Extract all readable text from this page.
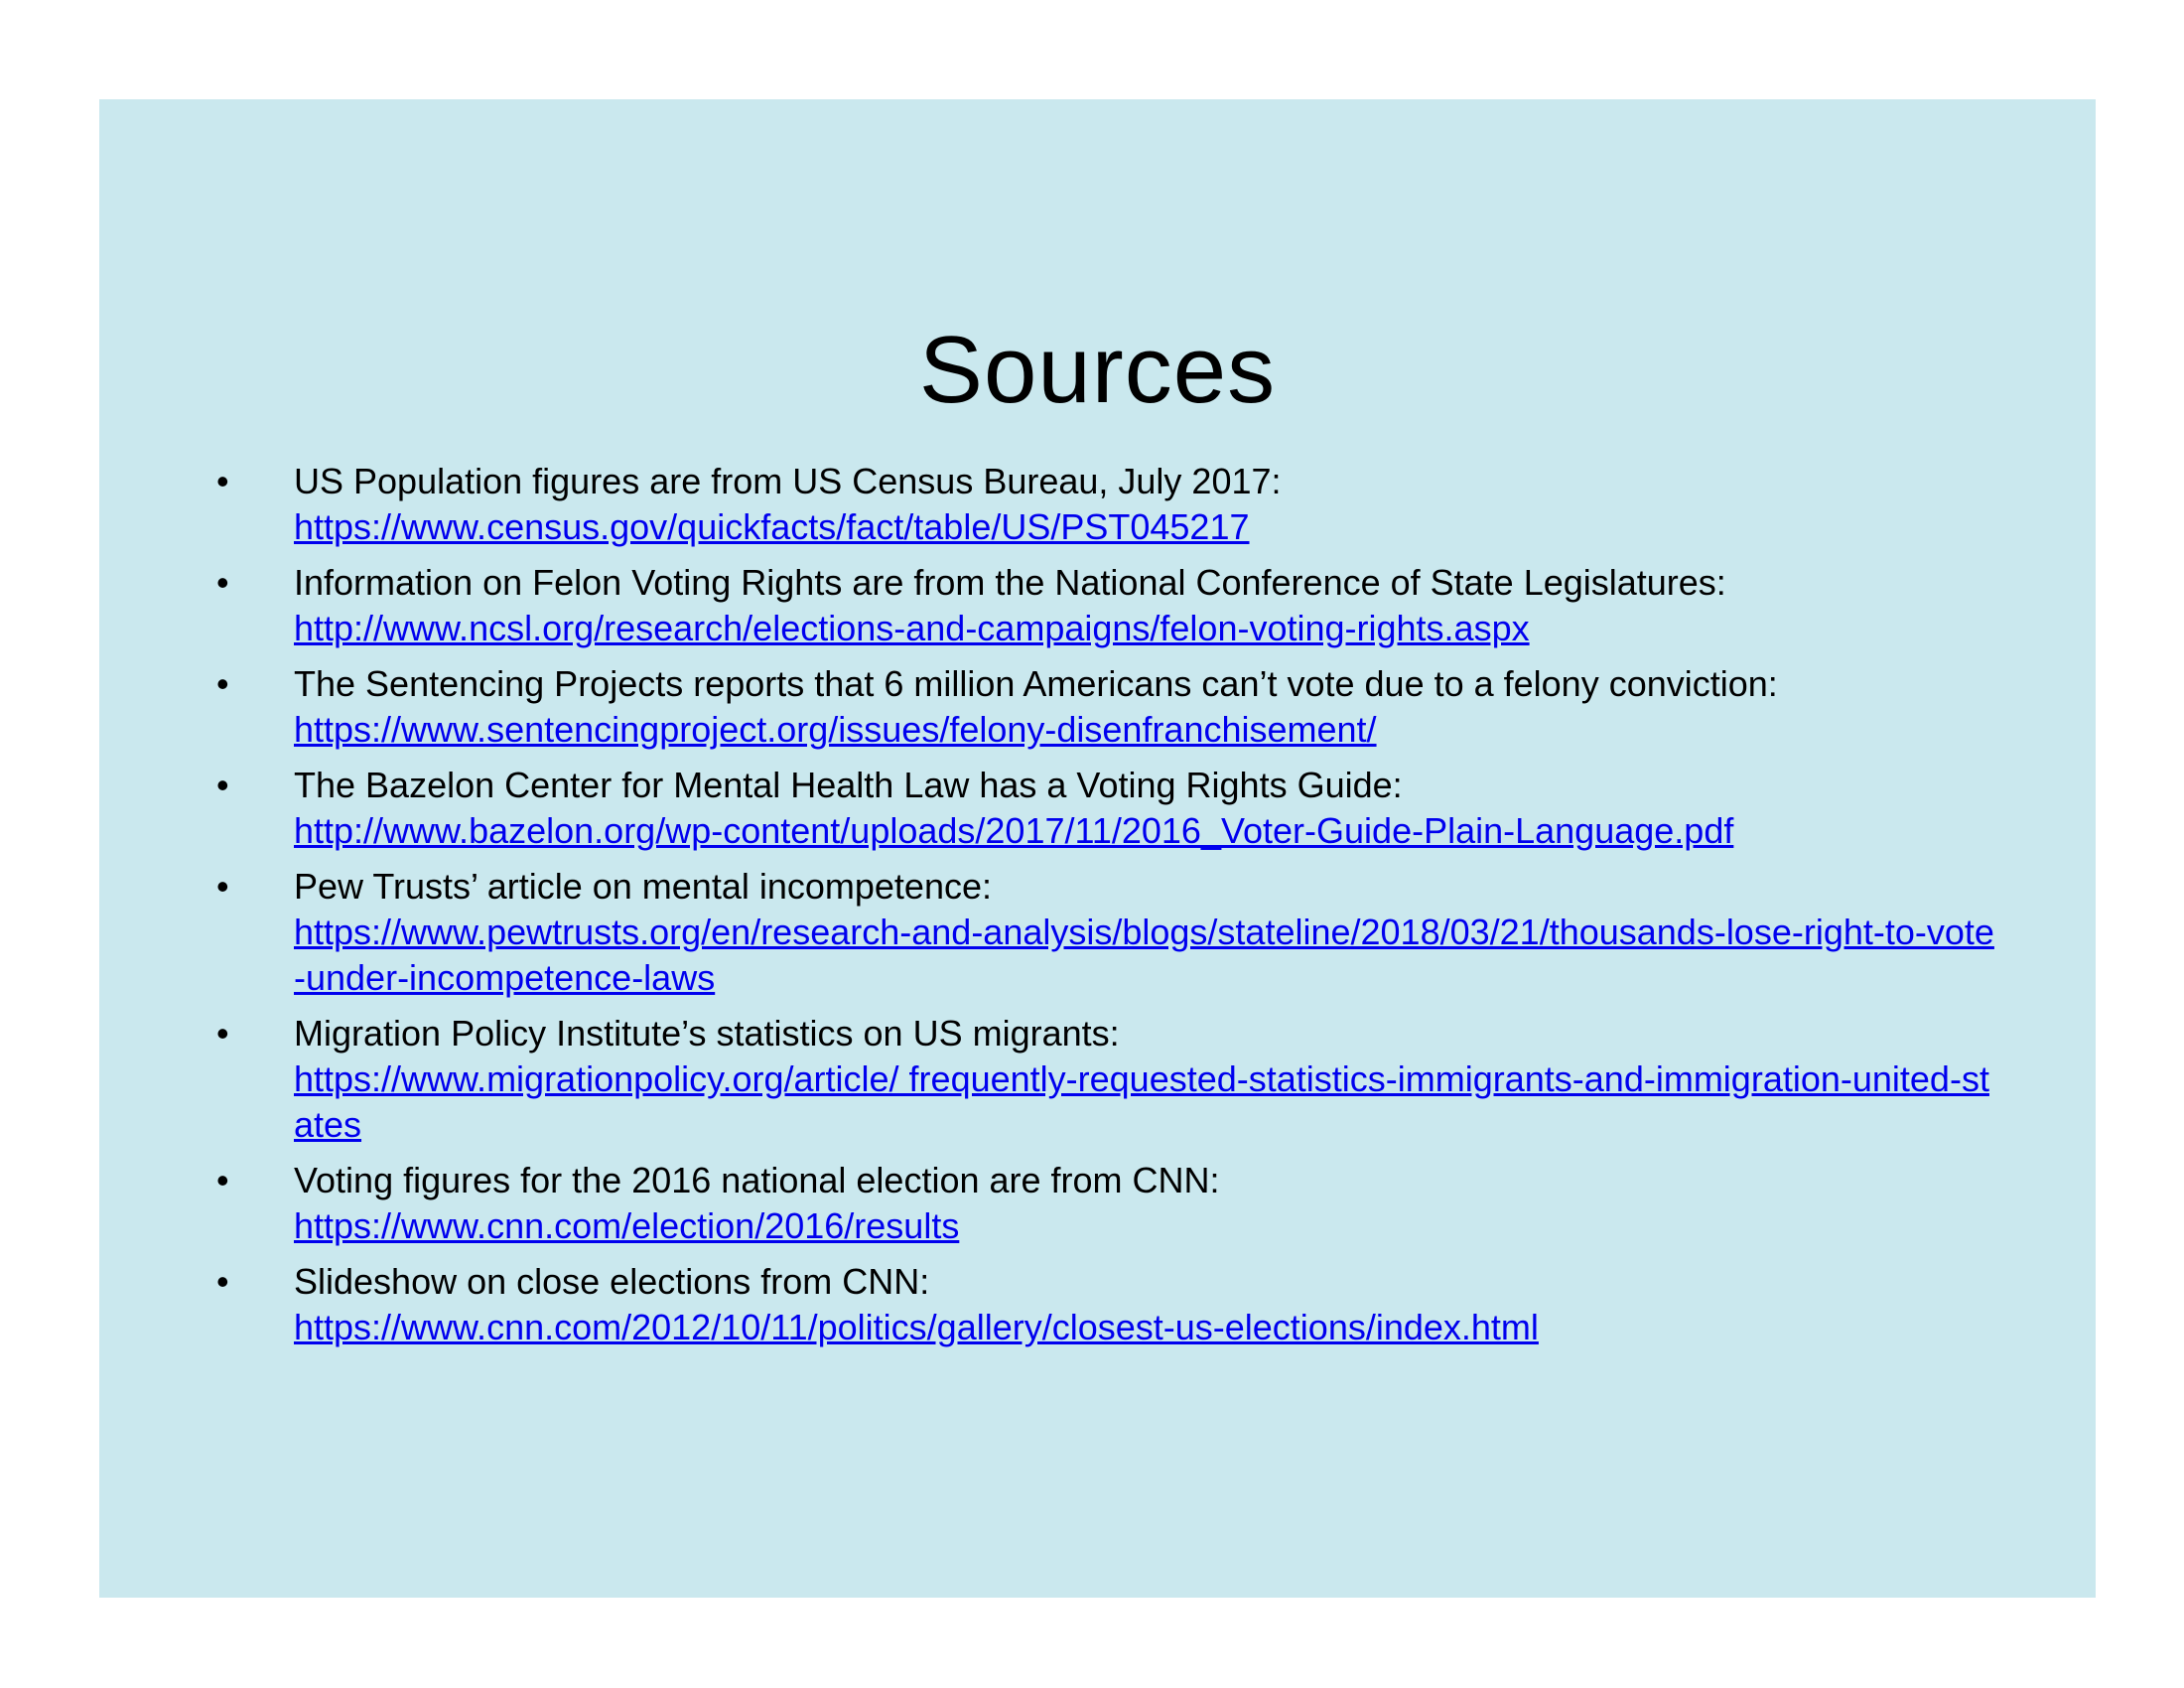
Sources
• US Population figures are from US Census Bureau, July 2017:
https://www.census.gov/quickfacts/fact/table/US/PST045217
• Information on Felon Voting Rights are from the National Conference of State Legislatures:
http://www.ncsl.org/research/elections-and-campaigns/felon-voting-rights.aspx
• The Sentencing Projects reports that 6 million Americans can’t vote due to a felony conviction:
https://www.sentencingproject.org/issues/felony-disenfranchisement/
• The Bazelon Center for Mental Health Law has a Voting Rights Guide:
http://www.bazelon.org/wp-content/uploads/2017/11/2016_Voter-Guide-Plain-Language.pdf
• Pew Trusts’ article on mental incompetence:
https://www.pewtrusts.org/en/research-and-analysis/blogs/stateline/2018/03/21/thousands-lose-right-to-vote-under-incompetence-laws
• Migration Policy Institute’s statistics on US migrants:
https://www.migrationpolicy.org/article/ frequently-requested-statistics-immigrants-and-immigration-united-states
• Voting figures for the 2016 national election are from CNN:
https://www.cnn.com/election/2016/results
• Slideshow on close elections from CNN:
https://www.cnn.com/2012/10/11/politics/gallery/closest-us-elections/index.html
